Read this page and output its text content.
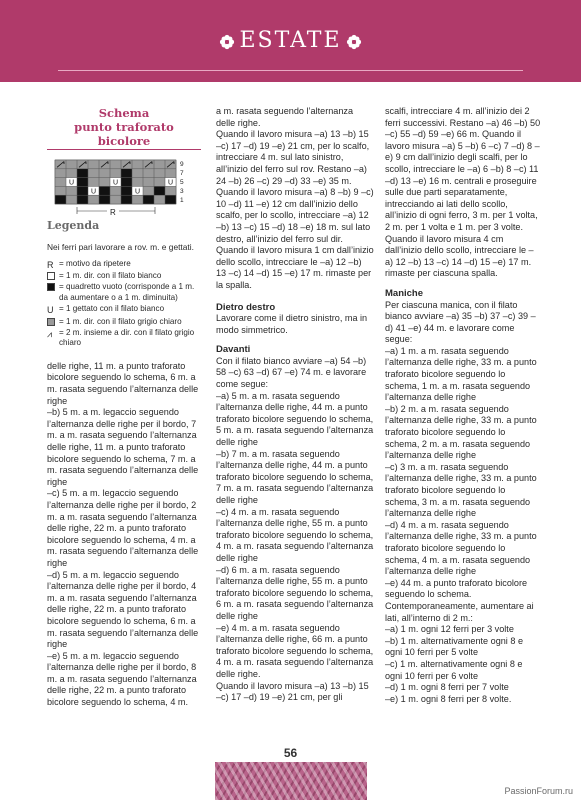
ESTATE
Schema
punto traforato bicolore
U	U	U
U	U
9
7
5
3
1
R
Legenda
Nei ferri pari lavorare a rov. m. e gettati.
R = motivo da ripetere
= 1 m. dir. con il filato bianco
= quadretto vuoto (corrisponde a 1 m. da aumentare o a 1 m. diminuita)
U = 1 gettato con il filato bianco
= 1 m. dir. con il filato grigio chiaro
⩘ = 2 m. insieme a dir. con il filato grigio chiaro

delle righe, 11 m. a punto traforato bicolore seguendo lo schema, 6 m. a m. rasata seguendo l’alternanza delle righe
–b) 5 m. a m. legaccio seguendo l’alternanza delle righe per il bordo, 7 m. a m. rasata seguendo l’alternanza delle righe, 11 m. a punto traforato bicolore seguendo lo schema, 7 m. a m. rasata seguendo l’alternanza delle righe
–c) 5 m. a m. legaccio seguendo l’alternanza delle righe per il bordo, 2 m. a m. rasata seguendo l’alternanza delle righe, 22 m. a punto traforato bicolore seguendo lo schema, 4 m. a m. rasata seguendo l’alternanza delle righe
–d) 5 m. a m. legaccio seguendo l’alternanza delle righe per il bordo, 4 m. a m. rasata seguendo l’alternanza delle righe, 22 m. a punto traforato bicolore seguendo lo schema, 6 m. a m. rasata seguendo l’alternanza delle righe
–e) 5 m. a m. legaccio seguendo l’alternanza delle righe per il bordo, 8 m. a m. rasata seguendo l’alternanza delle righe, 22 m. a punto traforato bicolore seguendo lo schema, 4 m.

a m. rasata seguendo l’alternanza delle righe.
Quando il lavoro misura –a) 13 –b) 15 –c) 17 –d) 19 –e) 21 cm, per lo scalfo, intrecciare 4 m. sul lato sinistro, all’inizio del ferro sul rov. Restano –a) 24 –b) 26 –c) 29 –d) 33 –e) 35 m. Quando il lavoro misura –a) 8 –b) 9 –c) 10 –d) 11 –e) 12 cm dall’inizio dello scalfo, per lo scollo, intrecciare –a) 12 –b) 13 –c) 15 –d) 18 –e) 18 m. sul lato destro, all’inizio del ferro sul dir. Quando il lavoro misura 1 cm dall’inizio dello scollo, intrecciare le –a) 12 –b) 13 –c) 14 –d) 15 –e) 17 m. rimaste per la spalla.

Dietro destro

Lavorare come il dietro sinistro, ma in modo simmetrico.

Davanti

Con il filato bianco avviare –a) 54 –b) 58 –c) 63 –d) 67 –e) 74 m. e lavorare come segue:
–a) 5 m. a m. rasata seguendo l’alternanza delle righe, 44 m. a punto traforato bicolore seguendo lo schema, 5 m. a m. rasata seguendo l’alternanza delle righe
–b) 7 m. a m. rasata seguendo l’alternanza delle righe, 44 m. a punto traforato bicolore seguendo lo schema, 7 m. a m. rasata seguendo l’alternanza delle righe
–c) 4 m. a m. rasata seguendo l’alternanza delle righe, 55 m. a punto traforato bicolore seguendo lo schema, 4 m. a m. rasata seguendo l’alternanza delle righe
–d) 6 m. a m. rasata seguendo l’alternanza delle righe, 55 m. a punto traforato bicolore seguendo lo schema, 6 m. a m. rasata seguendo l’alternanza delle righe
–e) 4 m. a m. rasata seguendo l’alternanza delle righe, 66 m. a punto traforato bicolore seguendo lo schema, 4 m. a m. rasata seguendo l’alternanza delle righe.
Quando il lavoro misura –a) 13 –b) 15 –c) 17 –d) 19 –e) 21 cm, per gli

scalfi, intrecciare 4 m. all’inizio dei 2 ferri successivi. Restano –a) 46 –b) 50 –c) 55 –d) 59 –e) 66 m. Quando il lavoro misura –a) 5 –b) 6 –c) 7 –d) 8 –e) 9 cm dall’inizio degli scalfi, per lo scollo, intrecciare le –a) 6 –b) 8 –c) 11 –d) 13 –e) 16 m. centrali e proseguire sulle due parti separatamente, intrecciando ai lati dello scollo, all’inizio di ogni ferro, 3 m. per 1 volta, 2 m. per 1 volta e 1 m. per 3 volte. Quando il lavoro misura 4 cm dall’inizio dello scollo, intrecciare le –a) 12 –b) 13 –c) 14 –d) 15 –e) 17 m. rimaste per ciascuna spalla.

Maniche

Per ciascuna manica, con il filato bianco avviare –a) 35 –b) 37 –c) 39 –d) 41 –e) 44 m. e lavorare come segue:
–a) 1 m. a m. rasata seguendo l’alternanza delle righe, 33 m. a punto traforato bicolore seguendo lo schema, 1 m. a m. rasata seguendo l’alternanza delle righe
–b) 2 m. a m. rasata seguendo l’alternanza delle righe, 33 m. a punto traforato bicolore seguendo lo schema, 2 m. a m. rasata seguendo l’alternanza delle righe
–c) 3 m. a m. rasata seguendo l’alternanza delle righe, 33 m. a punto traforato bicolore seguendo lo schema, 3 m. a m. rasata seguendo l’alternanza delle righe
–d) 4 m. a m. rasata seguendo l’alternanza delle righe, 33 m. a punto traforato bicolore seguendo lo schema, 4 m. a m. rasata seguendo l’alternanza delle righe
–e) 44 m. a punto traforato bicolore seguendo lo schema.
Contemporaneamente, aumentare ai lati, all’interno di 2 m.:
–a) 1 m. ogni 12 ferri per 3 volte
–b) 1 m. alternativamente ogni 8 e ogni 10 ferri per 5 volte
–c) 1 m. alternativamente ogni 8 e ogni 10 ferri per 6 volte
–d) 1 m. ogni 8 ferri per 7 volte
–e) 1 m. ogni 8 ferri per 8 volte.

56
PassionForum.ru
